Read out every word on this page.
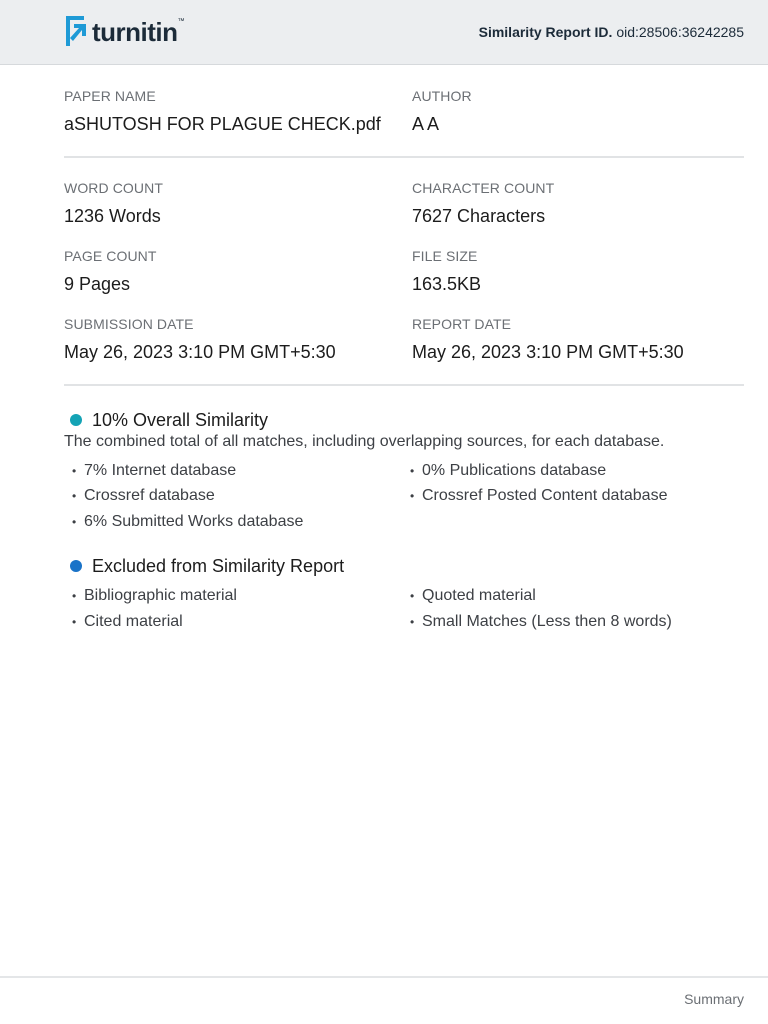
turnitin ™
Similarity Report ID. oid:28506:36242285
PAPER NAME
aSHUTOSH FOR PLAGUE CHECK.pdf
AUTHOR
A A
WORD COUNT
1236 Words
CHARACTER COUNT
7627 Characters
PAGE COUNT
9 Pages
FILE SIZE
163.5KB
SUBMISSION DATE
May 26, 2023 3:10 PM GMT+5:30
REPORT DATE
May 26, 2023 3:10 PM GMT+5:30
10% Overall Similarity
The combined total of all matches, including overlapping sources, for each database.
• 7% Internet database
• Crossref database
• 6% Submitted Works database
• 0% Publications database
• Crossref Posted Content database
Excluded from Similarity Report
• Bibliographic material
• Cited material
• Quoted material
• Small Matches (Less then 8 words)
Summary
